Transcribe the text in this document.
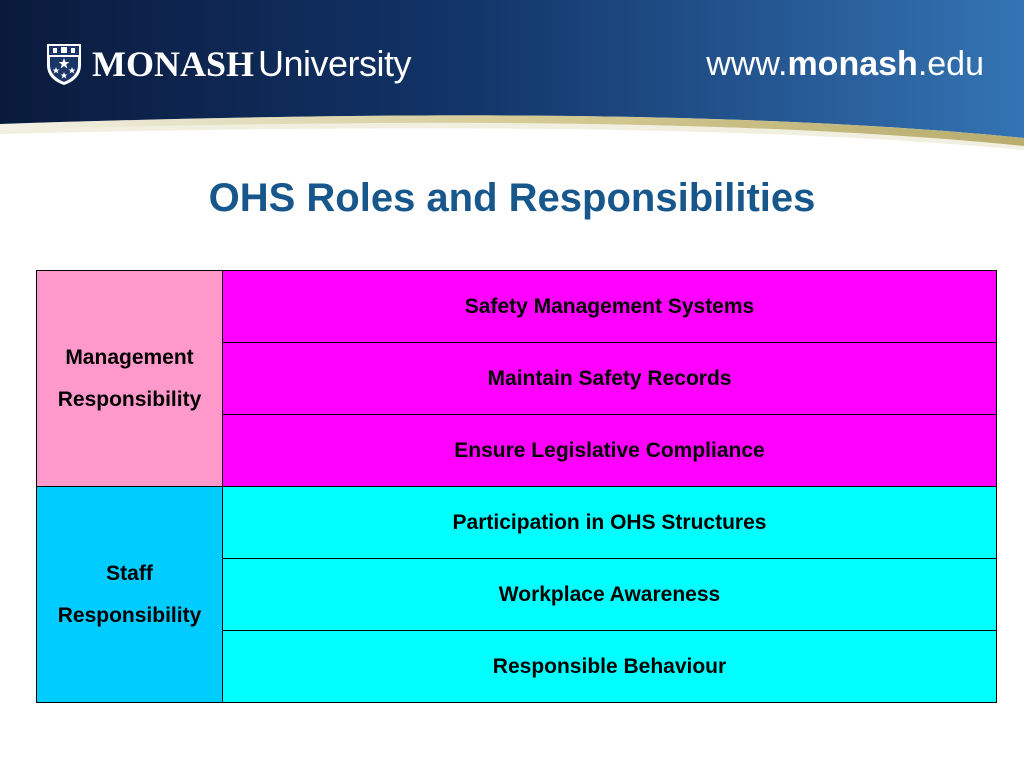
MONASH University	www.monash.edu
OHS Roles and Responsibilities
Management
Responsibility	Safety Management Systems
	Maintain Safety Records
	Ensure Legislative Compliance

Staff
Responsibility	Participation in OHS Structures
	Workplace Awareness
	Responsible Behaviour
